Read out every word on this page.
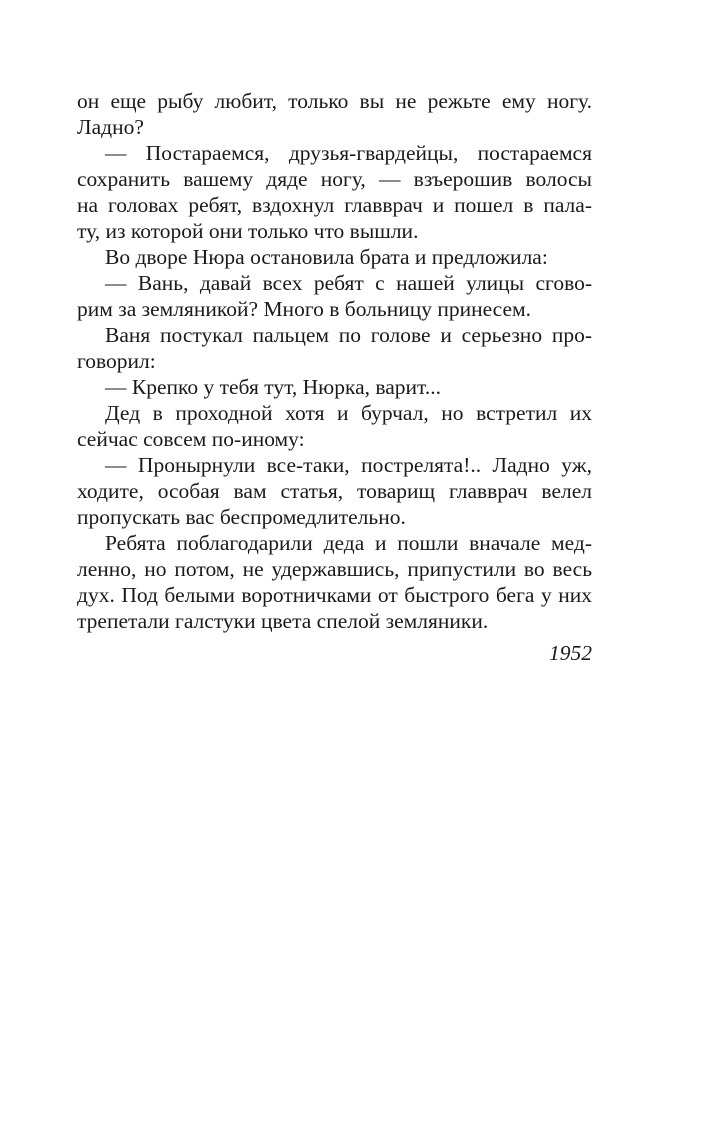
он еще рыбу любит, только вы не режьте ему ногу.
Ладно?
— Постараемся, друзья-гвардейцы, постараемся
сохранить вашему дяде ногу, — взъерошив волосы
на головах ребят, вздохнул главврач и пошел в пала-
ту, из которой они только что вышли.
Во дворе Нюра остановила брата и предложила:
— Вань, давай всех ребят с нашей улицы сгово-
рим за земляникой? Много в больницу принесем.
Ваня постукал пальцем по голове и серьезно про-
говорил:
— Крепко у тебя тут, Нюрка, варит...
Дед в проходной хотя и бурчал, но встретил их
сейчас совсем по-иному:
— Пронырнули все-таки, пострелята!.. Ладно уж,
ходите, особая вам статья, товарищ главврач велел
пропускать вас беспромедлительно.
Ребята поблагодарили деда и пошли вначале мед-
ленно, но потом, не удержавшись, припустили во весь
дух. Под белыми воротничками от быстрого бега у них
трепетали галстуки цвета спелой земляники.
1952
